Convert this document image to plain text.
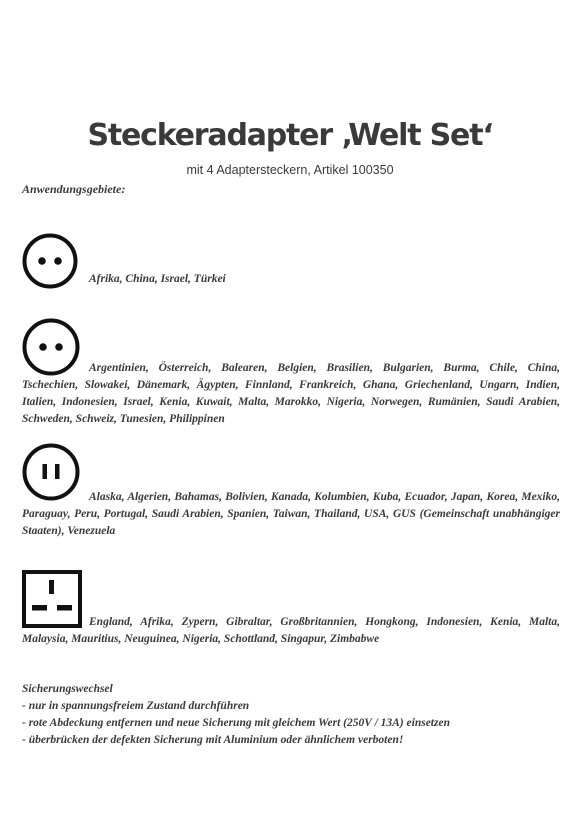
Steckeradapter ‚Welt Set‘
mit 4 Adaptersteckern, Artikel 100350
Anwendungsgebiete:

Afrika, China, Israel, Türkei

Argentinien, Österreich, Balearen, Belgien, Brasilien, Bulgarien, Burma, Chile, China, Tschechien, Slowakei, Dänemark, Ägypten, Finnland, Frankreich, Ghana, Griechenland, Ungarn, Indien, Italien, Indonesien, Israel, Kenia, Kuwait, Malta, Marokko, Nigeria, Norwegen, Rumänien, Saudi Arabien, Schweden, Schweiz, Tunesien, Philippinen

Alaska, Algerien, Bahamas, Bolivien, Kanada, Kolumbien, Kuba, Ecuador, Japan, Korea, Mexiko, Paraguay, Peru, Portugal, Saudi Arabien, Spanien, Taiwan, Thailand, USA, GUS (Gemeinschaft unabhängiger Staaten), Venezuela

England, Afrika, Zypern, Gibraltar, Großbritannien, Hongkong, Indonesien, Kenia, Malta, Malaysia, Mauritius, Neuguinea, Nigeria, Schottland, Singapur, Zimbabwe

Sicherungswechsel
- nur in spannungsfreiem Zustand durchführen
- rote Abdeckung entfernen und neue Sicherung mit gleichem Wert (250V / 13A) einsetzen
- überbrücken der defekten Sicherung mit Aluminium oder ähnlichem verboten!
